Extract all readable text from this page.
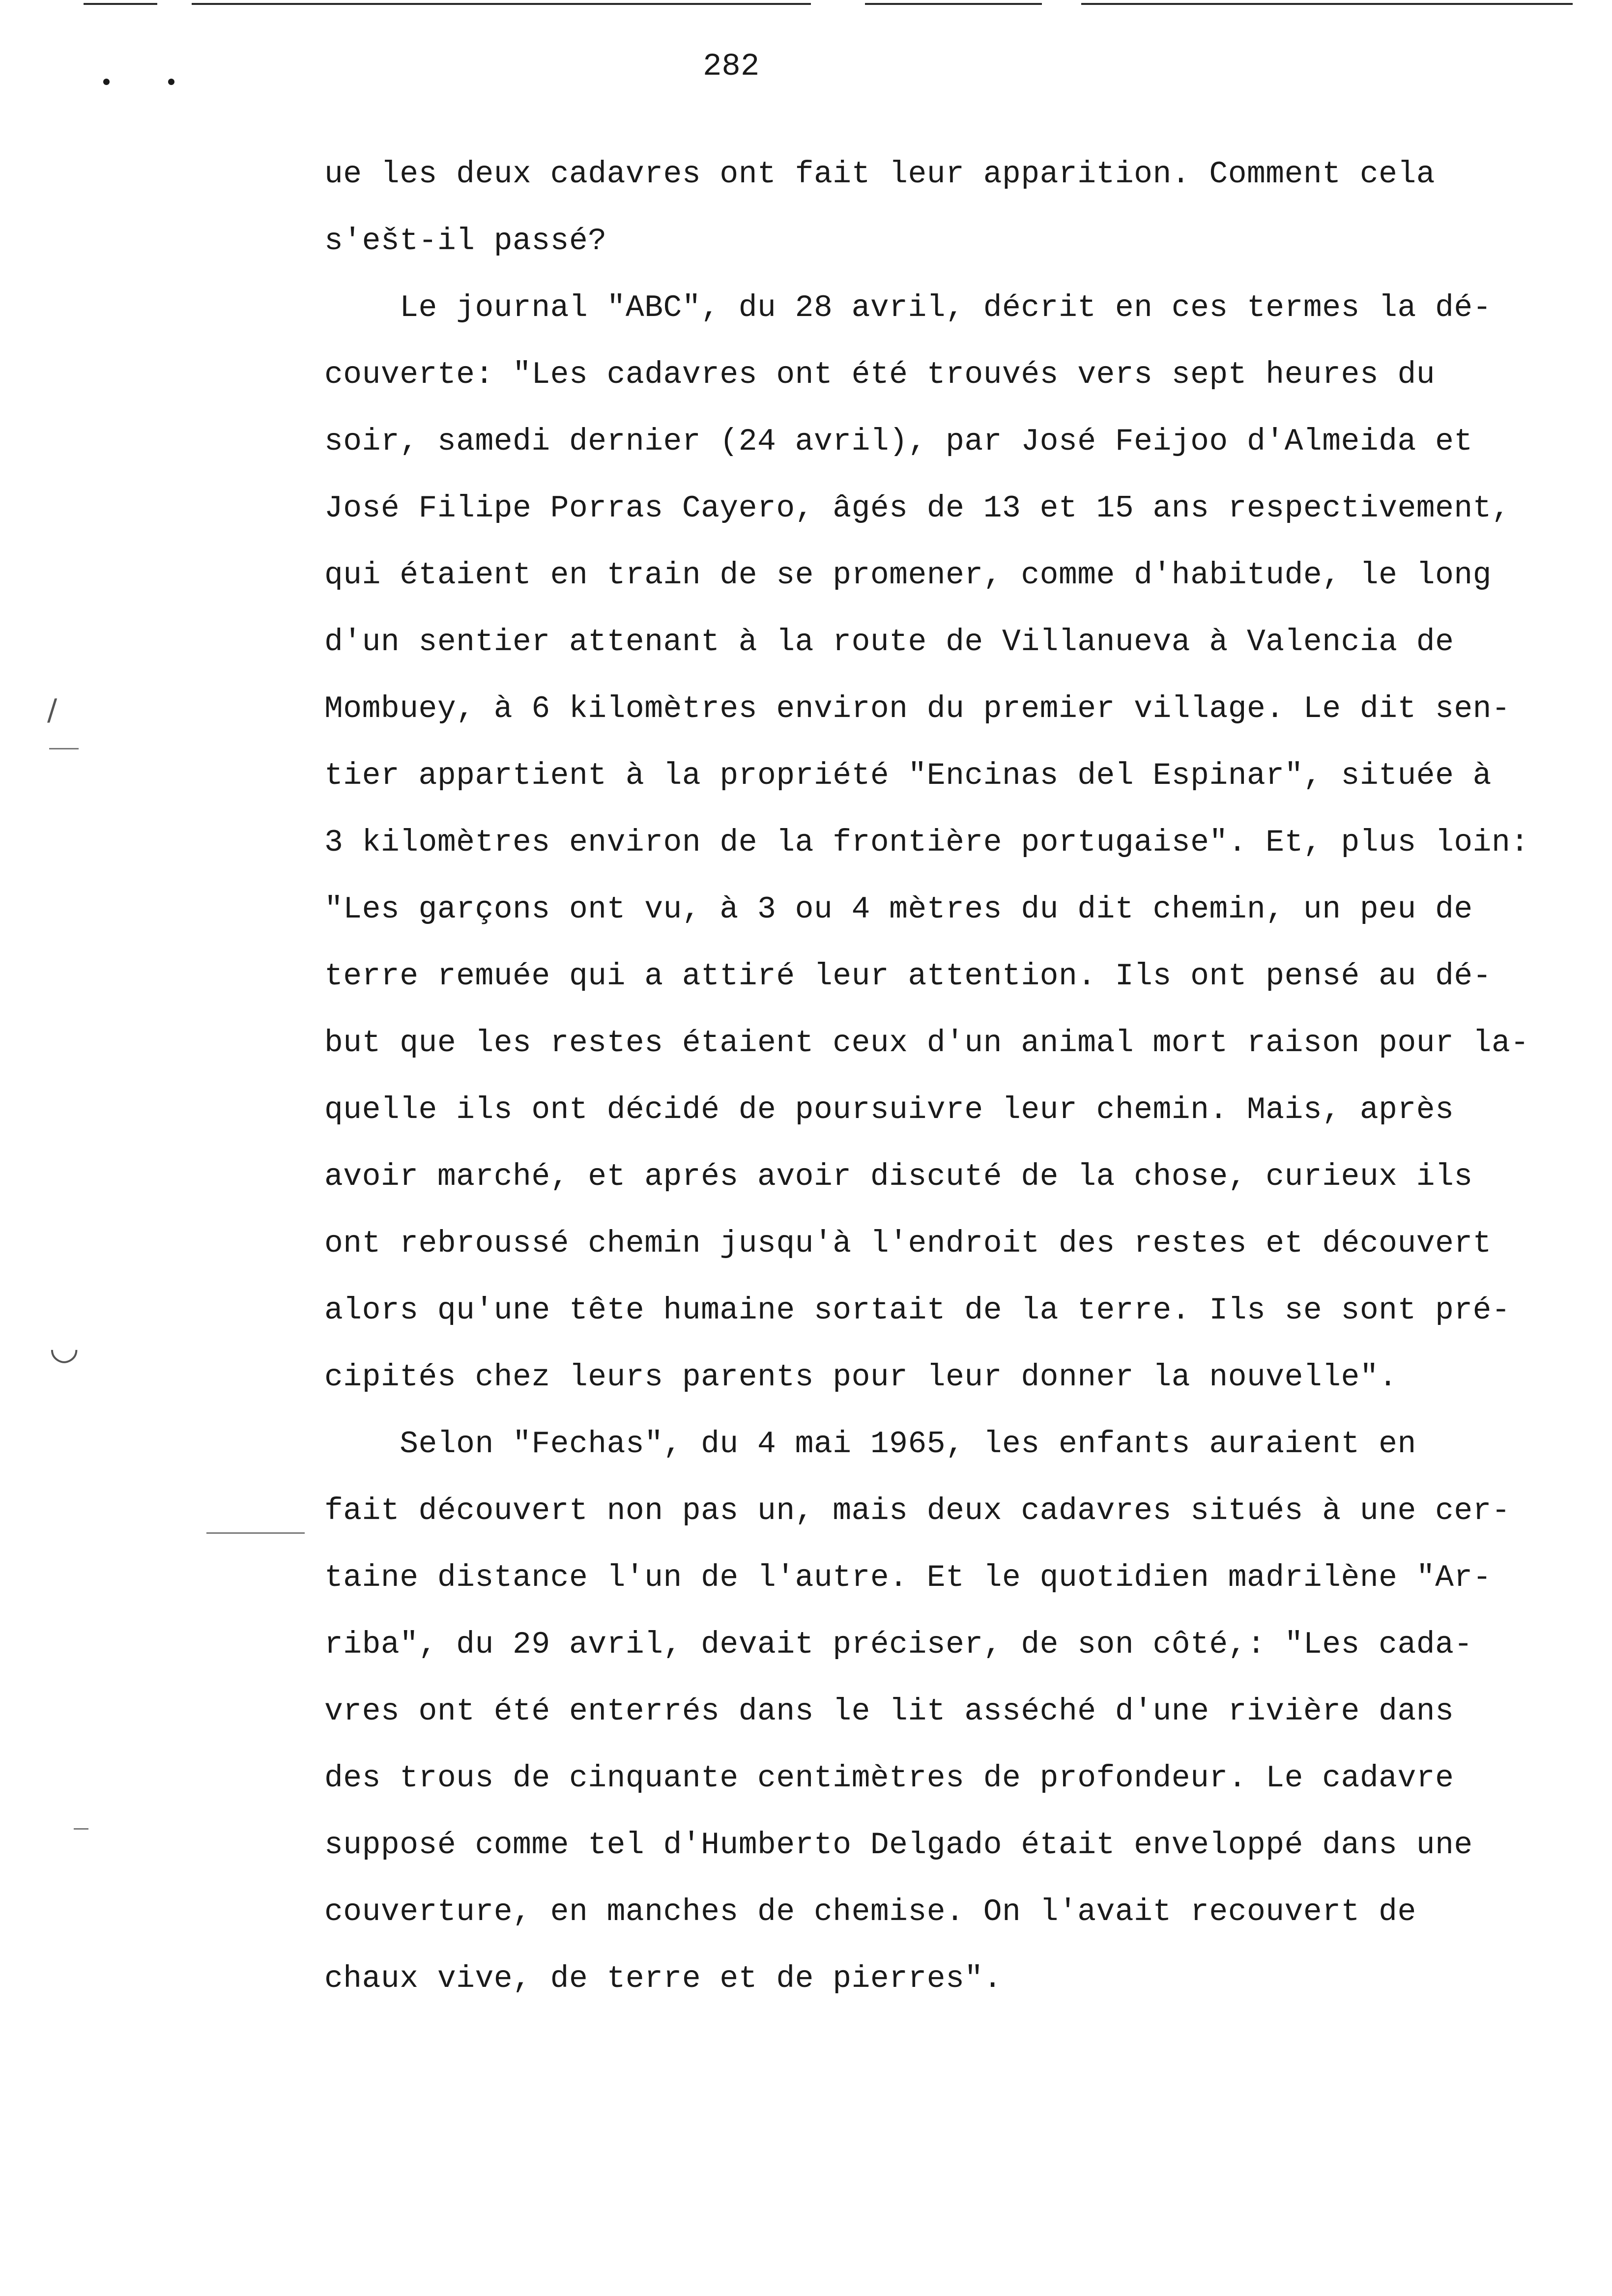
282
/
◡
ue les deux cadavres ont fait leur apparition. Comment cela
s'ešt-il passé?
Le journal "ABC", du 28 avril, décrit en ces termes la dé-
couverte: "Les cadavres ont été trouvés vers sept heures du
soir, samedi dernier (24 avril), par José Feijoo d'Almeida et
José Filipe Porras Cayero, âgés de 13 et 15 ans respectivement,
qui étaient en train de se promener, comme d'habitude, le long
d'un sentier attenant à la route de Villanueva à Valencia de
Mombuey, à 6 kilomètres environ du premier village. Le dit sen-
tier appartient à la propriété "Encinas del Espinar", située à
3 kilomètres environ de la frontière portugaise". Et, plus loin:
"Les garçons ont vu, à 3 ou 4 mètres du dit chemin, un peu de
terre remuée qui a attiré leur attention. Ils ont pensé au dé-
but que les restes étaient ceux d'un animal mort raison pour la-
quelle ils ont décidé de poursuivre leur chemin. Mais, après
avoir marché, et aprés avoir discuté de la chose, curieux ils
ont rebroussé chemin jusqu'à l'endroit des restes et découvert
alors qu'une tête humaine sortait de la terre. Ils se sont pré-
cipités chez leurs parents pour leur donner la nouvelle".
Selon "Fechas", du 4 mai 1965, les enfants auraient en
fait découvert non pas un, mais deux cadavres situés à une cer-
taine distance l'un de l'autre. Et le quotidien madrilène "Ar-
riba", du 29 avril, devait préciser, de son côté,: "Les cada-
vres ont été enterrés dans le lit asséché d'une rivière dans
des trous de cinquante centimètres de profondeur. Le cadavre
supposé comme tel d'Humberto Delgado était enveloppé dans une
couverture, en manches de chemise. On l'avait recouvert de
chaux vive, de terre et de pierres".
